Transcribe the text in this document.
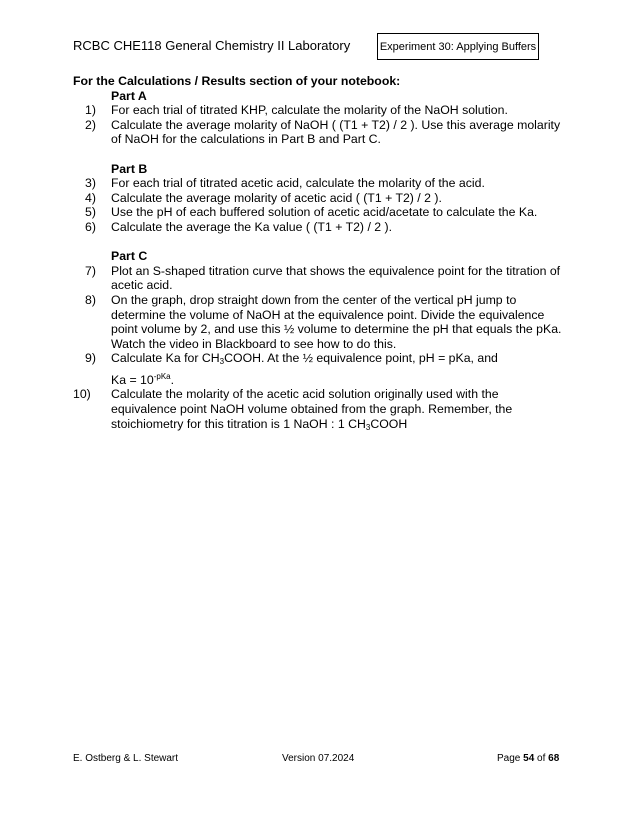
RCBC CHE118 General Chemistry II Laboratory	Experiment 30: Applying Buffers
For the Calculations / Results section of your notebook:
Part A
1)	For each trial of titrated KHP, calculate the molarity of the NaOH solution.
2)	Calculate the average molarity of NaOH ( (T1 + T2) / 2 ). Use this average molarity of NaOH for the calculations in Part B and Part C.
Part B
3)	For each trial of titrated acetic acid, calculate the molarity of the acid.
4)	Calculate the average molarity of acetic acid ( (T1 + T2) / 2 ).
5)	Use the pH of each buffered solution of acetic acid/acetate to calculate the Ka.
6)	Calculate the average the Ka value ( (T1 + T2) / 2 ).
Part C
7)	Plot an S-shaped titration curve that shows the equivalence point for the titration of acetic acid.
8)	On the graph, drop straight down from the center of the vertical pH jump to determine the volume of NaOH at the equivalence point. Divide the equivalence point volume by 2, and use this ½ volume to determine the pH that equals the pKa. Watch the video in Blackboard to see how to do this.
9)	Calculate Ka for $CH_3COOH$. At the ½ equivalence point, pH = pKa, and
$Ka = 10^{-pKa}$.
10)	Calculate the molarity of the acetic acid solution originally used with the equivalence point NaOH volume obtained from the graph. Remember, the stoichiometry for this titration is 1 NaOH : 1 $CH_3COOH$
E. Ostberg & L. Stewart	Version 07.2024	Page 54 of 68
